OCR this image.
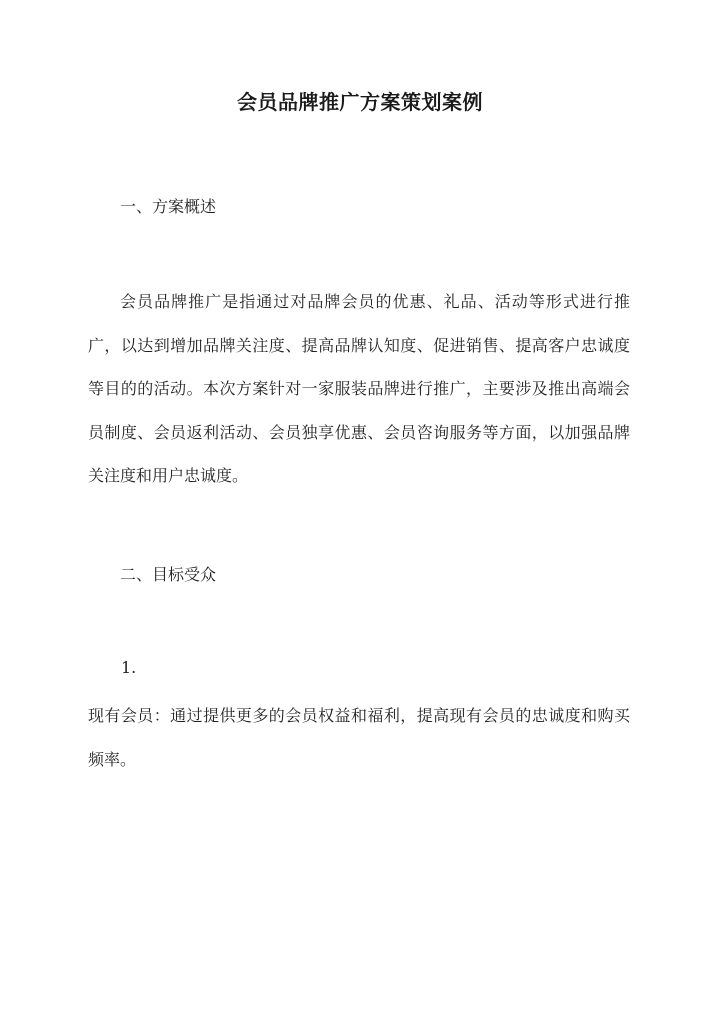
会员品牌推广方案策划案例
一、方案概述
会员品牌推广是指通过对品牌会员的优惠、礼品、活动等形式进行推广，以达到增加品牌关注度、提高品牌认知度、促进销售、提高客户忠诚度等目的的活动。本次方案针对一家服装品牌进行推广，主要涉及推出高端会员制度、会员返利活动、会员独享优惠、会员咨询服务等方面，以加强品牌关注度和用户忠诚度。
二、目标受众
1.
现有会员：通过提供更多的会员权益和福利，提高现有会员的忠诚度和购买频率。
